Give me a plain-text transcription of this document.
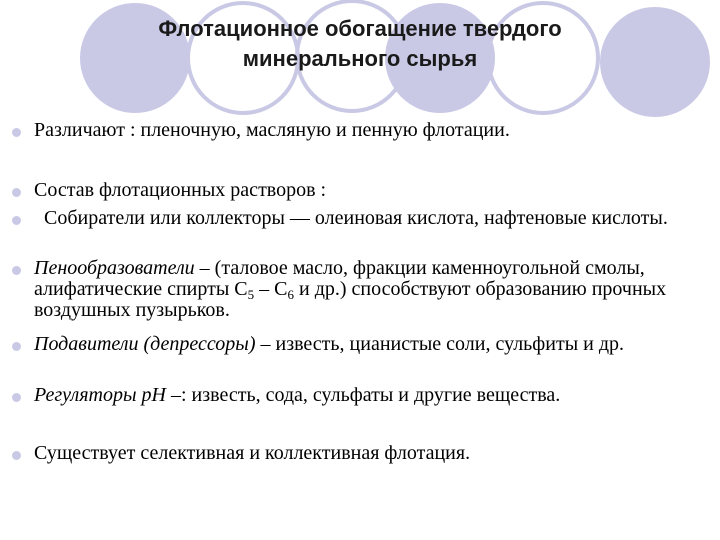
Флотационное обогащение твердого
минерального сырья
Различают : пленочную, масляную и пенную флотации.
Состав флотационных растворов :
Собиратели или коллекторы — олеиновая кислота, нафтеновые кислоты.
Пенообразователи – (таловое масло, фракции каменноугольной смолы, алифатические спирты $С_5 - С_6$ и др.) способствуют образованию прочных воздушных пузырьков.
Подавители (депрессоры) – известь, цианистые соли, сульфиты и др.
Регуляторы рН –: известь, сода, сульфаты и другие вещества.
Существует селективная и коллективная флотация.
